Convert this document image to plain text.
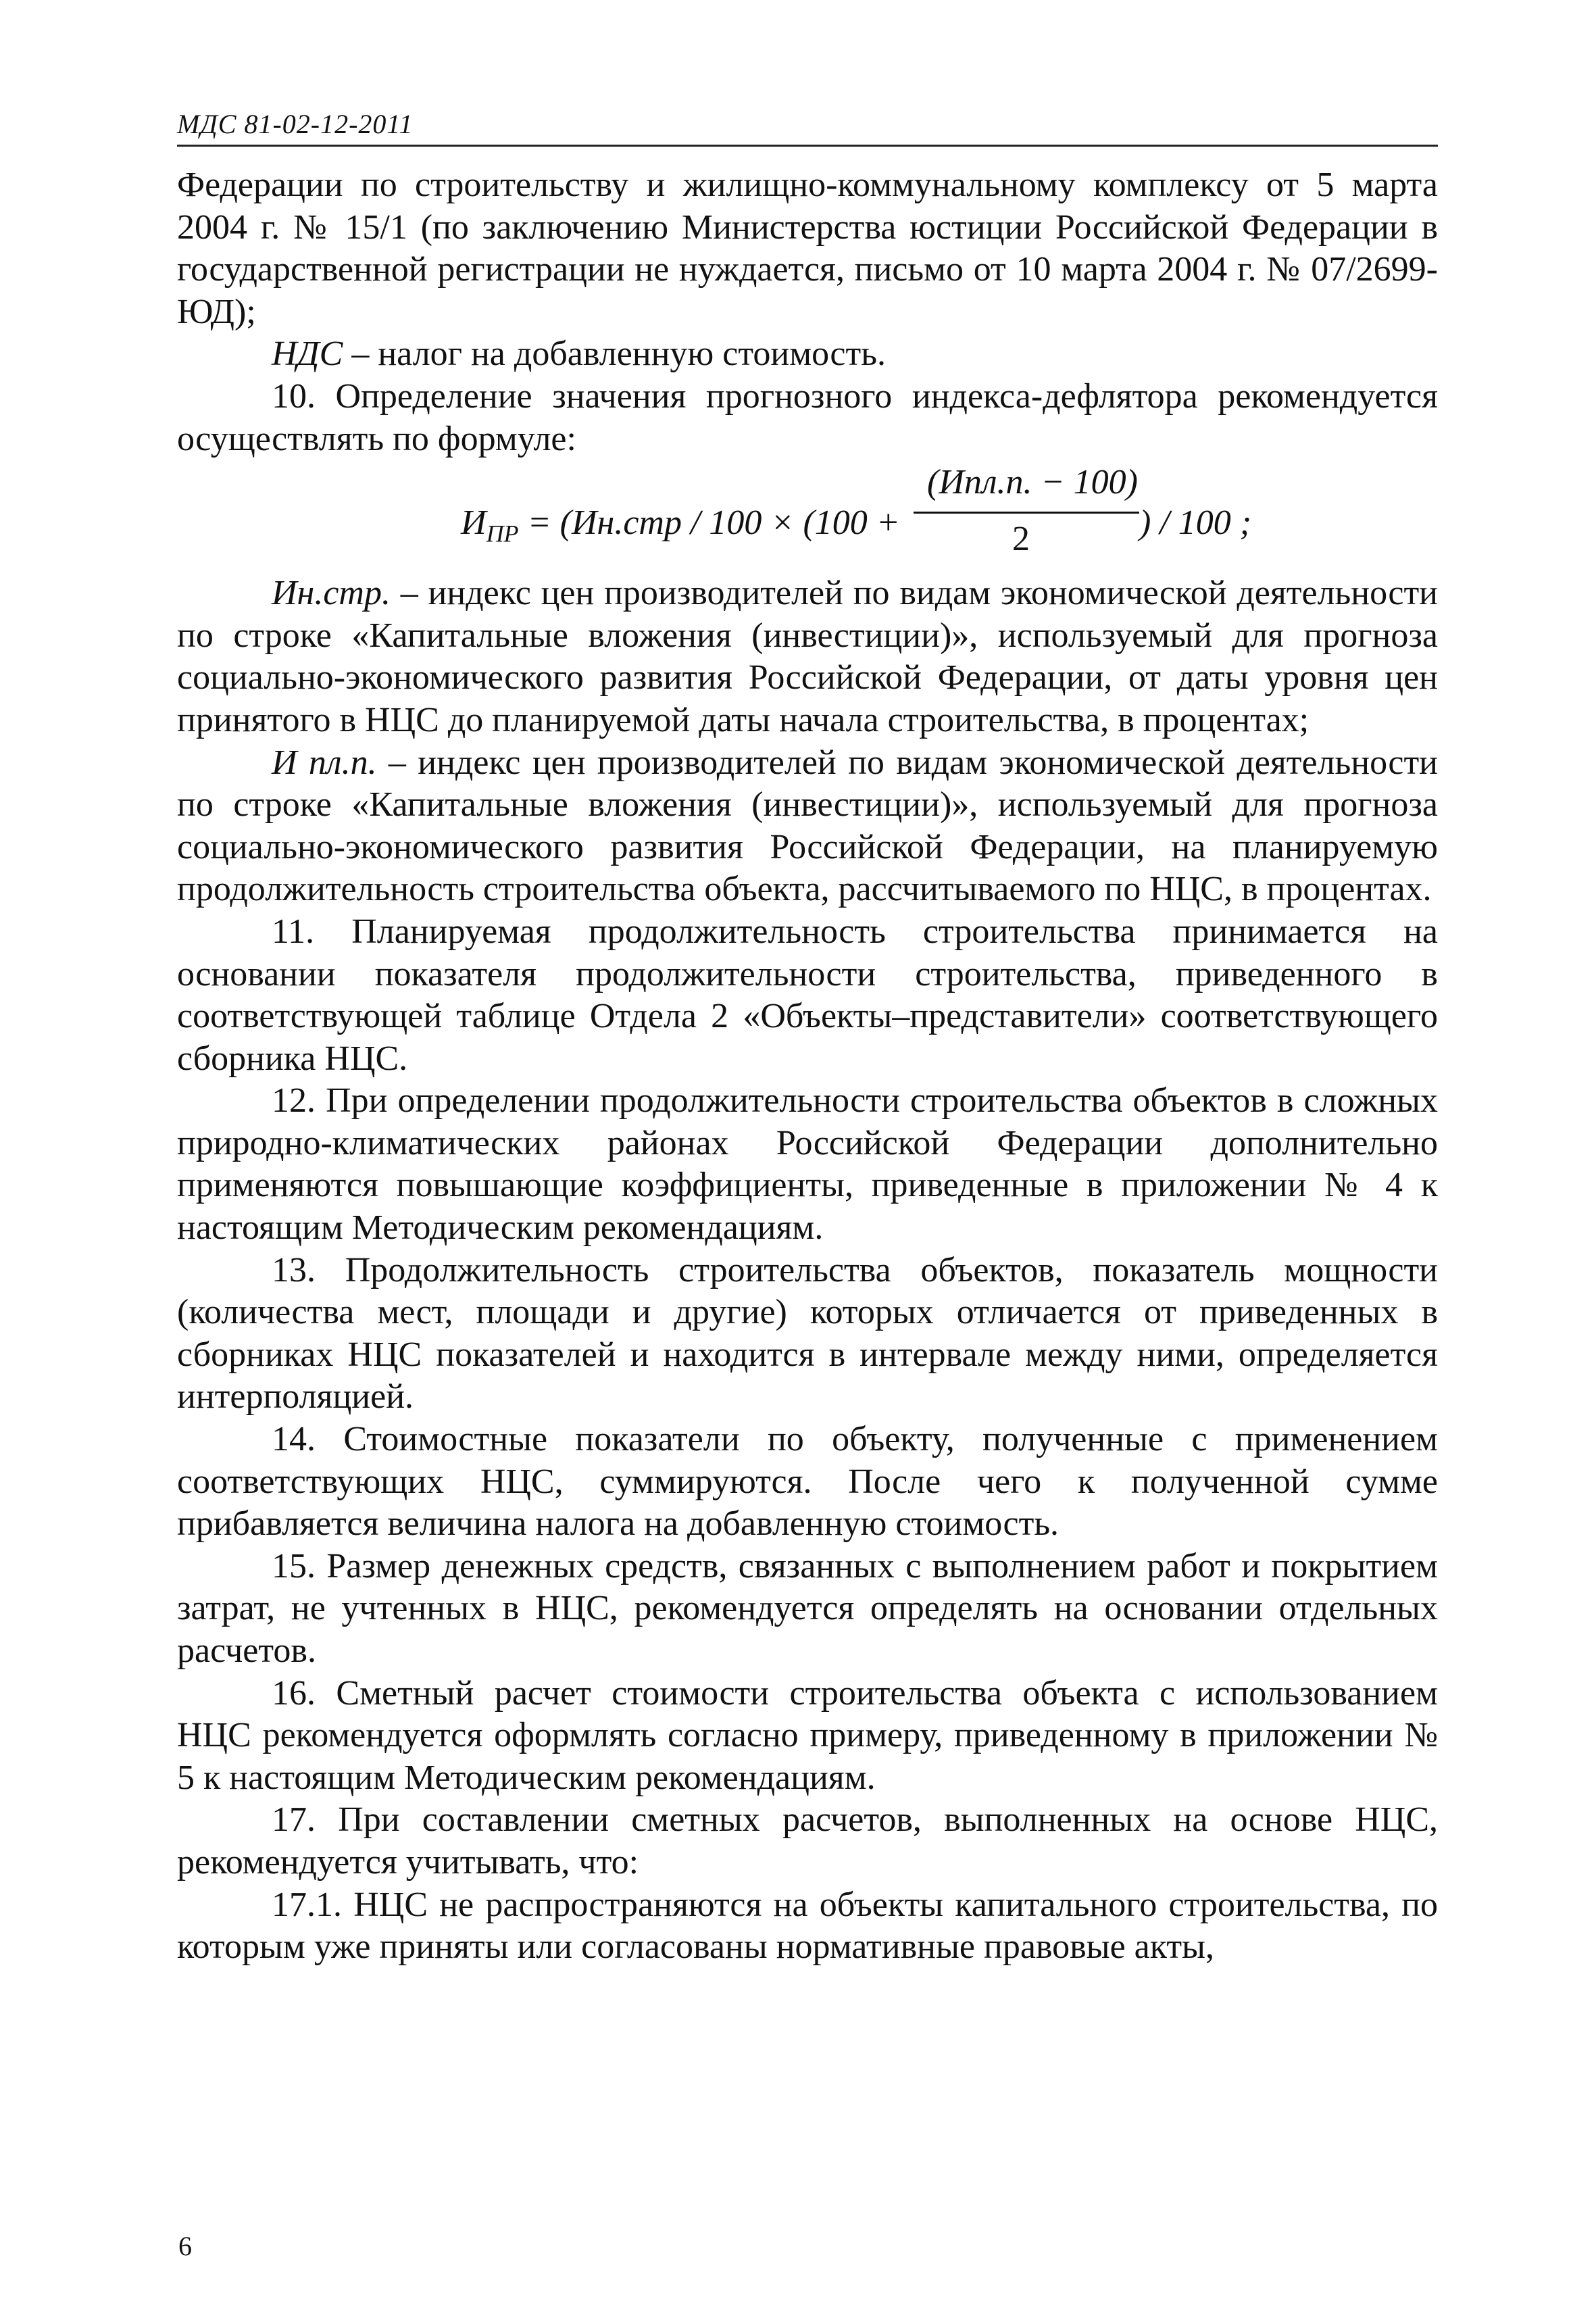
МДС 81-02-12-2011

Федерации по строительству и жилищно-коммунальному комплексу от 5 марта 2004 г. № 15/1 (по заключению Министерства юстиции Российской Федерации в государственной регистрации не нуждается, письмо от 10 марта 2004 г. № 07/2699-ЮД);

НДС – налог на добавленную стоимость.

10. Определение значения прогнозного индекса-дефлятора рекомендуется осуществлять по формуле:

$И_{ПР} = (Ин.стр / 100 \times (100$ +
(Ипл.п. − 100)
2	) / 100 ;

Ин.стр. – индекс цен производителей по видам экономической деятельности по строке «Капитальные вложения (инвестиции)», используемый для прогноза социально-экономического развития Российской Федерации, от даты уровня цен принятого в НЦС до планируемой даты начала строительства, в процентах;

И пл.п. – индекс цен производителей по видам экономической деятельности по строке «Капитальные вложения (инвестиции)», используемый для прогноза социально-экономического развития Российской Федерации, на планируемую продолжительность строительства объекта, рассчитываемого по НЦС, в процентах.

11. Планируемая продолжительность строительства принимается на основании показателя продолжительности строительства, приведенного в соответствующей таблице Отдела 2 «Объекты–представители» соответствующего сборника НЦС.

12. При определении продолжительности строительства объектов в сложных природно-климатических районах Российской Федерации дополнительно применяются повышающие коэффициенты, приведенные в приложении № 4 к настоящим Методическим рекомендациям.

13. Продолжительность строительства объектов, показатель мощности (количества мест, площади и другие) которых отличается от приведенных в сборниках НЦС показателей и находится в интервале между ними, определяется интерполяцией.

14. Стоимостные показатели по объекту, полученные с применением соответствующих НЦС, суммируются. После чего к полученной сумме прибавляется величина налога на добавленную стоимость.

15. Размер денежных средств, связанных с выполнением работ и покрытием затрат, не учтенных в НЦС, рекомендуется определять на основании отдельных расчетов.

16. Сметный расчет стоимости строительства объекта с использованием НЦС рекомендуется оформлять согласно примеру, приведенному в приложении № 5 к настоящим Методическим рекомендациям.

17. При составлении сметных расчетов, выполненных на основе НЦС, рекомендуется учитывать, что:

17.1. НЦС не распространяются на объекты капитального строительства, по которым уже приняты или согласованы нормативные правовые акты,

6
